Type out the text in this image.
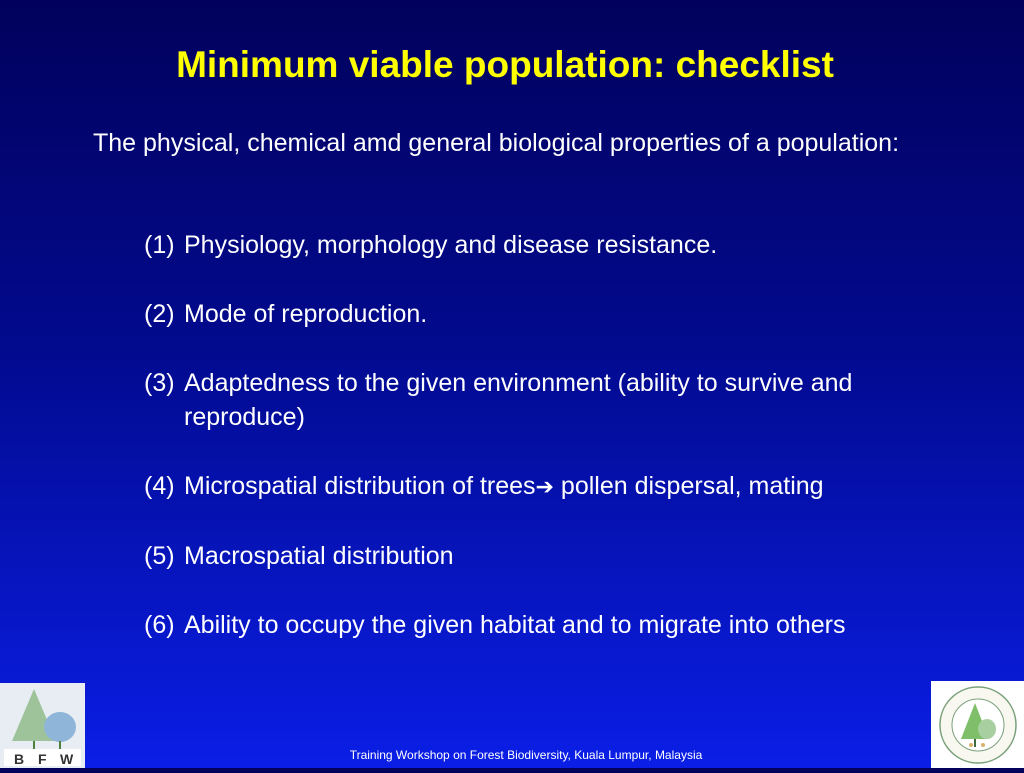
Minimum viable population: checklist
The physical, chemical amd general biological properties of a population:
(1) Physiology, morphology and disease resistance.
(2) Mode of reproduction.
(3) Adaptedness to the given environment (ability to survive and reproduce)
(4) Microspatial distribution of trees➔ pollen dispersal, mating
(5) Macrospatial distribution
(6) Ability to occupy the given habitat and to migrate into others
B F W	Training Workshop on Forest Biodiversity, Kuala Lumpur, Malaysia
